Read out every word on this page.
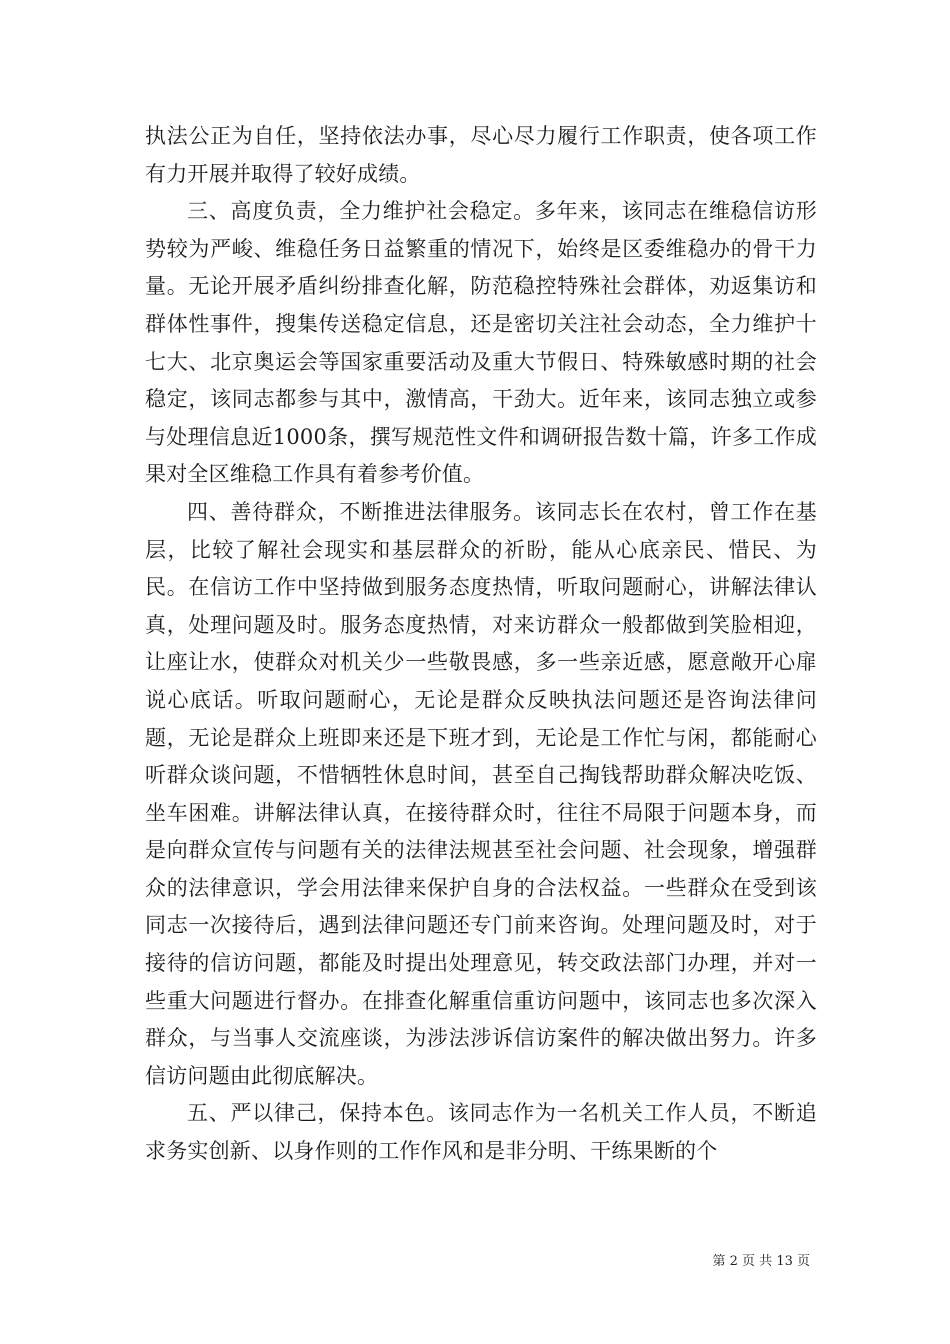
执法公正为自任，坚持依法办事，尽心尽力履行工作职责，使各项工作有力开展并取得了较好成绩。

三、高度负责，全力维护社会稳定。多年来，该同志在维稳信访形势较为严峻、维稳任务日益繁重的情况下，始终是区委维稳办的骨干力量。无论开展矛盾纠纷排查化解，防范稳控特殊社会群体，劝返集访和群体性事件，搜集传送稳定信息，还是密切关注社会动态，全力维护十七大、北京奥运会等国家重要活动及重大节假日、特殊敏感时期的社会稳定，该同志都参与其中，激情高，干劲大。近年来，该同志独立或参与处理信息近1000条，撰写规范性文件和调研报告数十篇，许多工作成果对全区维稳工作具有着参考价值。

四、善待群众，不断推进法律服务。该同志长在农村，曾工作在基层，比较了解社会现实和基层群众的祈盼，能从心底亲民、惜民、为民。在信访工作中坚持做到服务态度热情，听取问题耐心，讲解法律认真，处理问题及时。服务态度热情，对来访群众一般都做到笑脸相迎，让座让水，使群众对机关少一些敬畏感，多一些亲近感，愿意敞开心扉说心底话。听取问题耐心，无论是群众反映执法问题还是咨询法律问题，无论是群众上班即来还是下班才到，无论是工作忙与闲，都能耐心听群众谈问题，不惜牺牲休息时间，甚至自己掏钱帮助群众解决吃饭、坐车困难。讲解法律认真，在接待群众时，往往不局限于问题本身，而是向群众宣传与问题有关的法律法规甚至社会问题、社会现象，增强群众的法律意识，学会用法律来保护自身的合法权益。一些群众在受到该同志一次接待后，遇到法律问题还专门前来咨询。处理问题及时，对于接待的信访问题，都能及时提出处理意见，转交政法部门办理，并对一些重大问题进行督办。在排查化解重信重访问题中，该同志也多次深入群众，与当事人交流座谈，为涉法涉诉信访案件的解决做出努力。许多信访问题由此彻底解决。

五、严以律己，保持本色。该同志作为一名机关工作人员，不断追求务实创新、以身作则的工作作风和是非分明、干练果断的个

第 2 页 共 13 页
